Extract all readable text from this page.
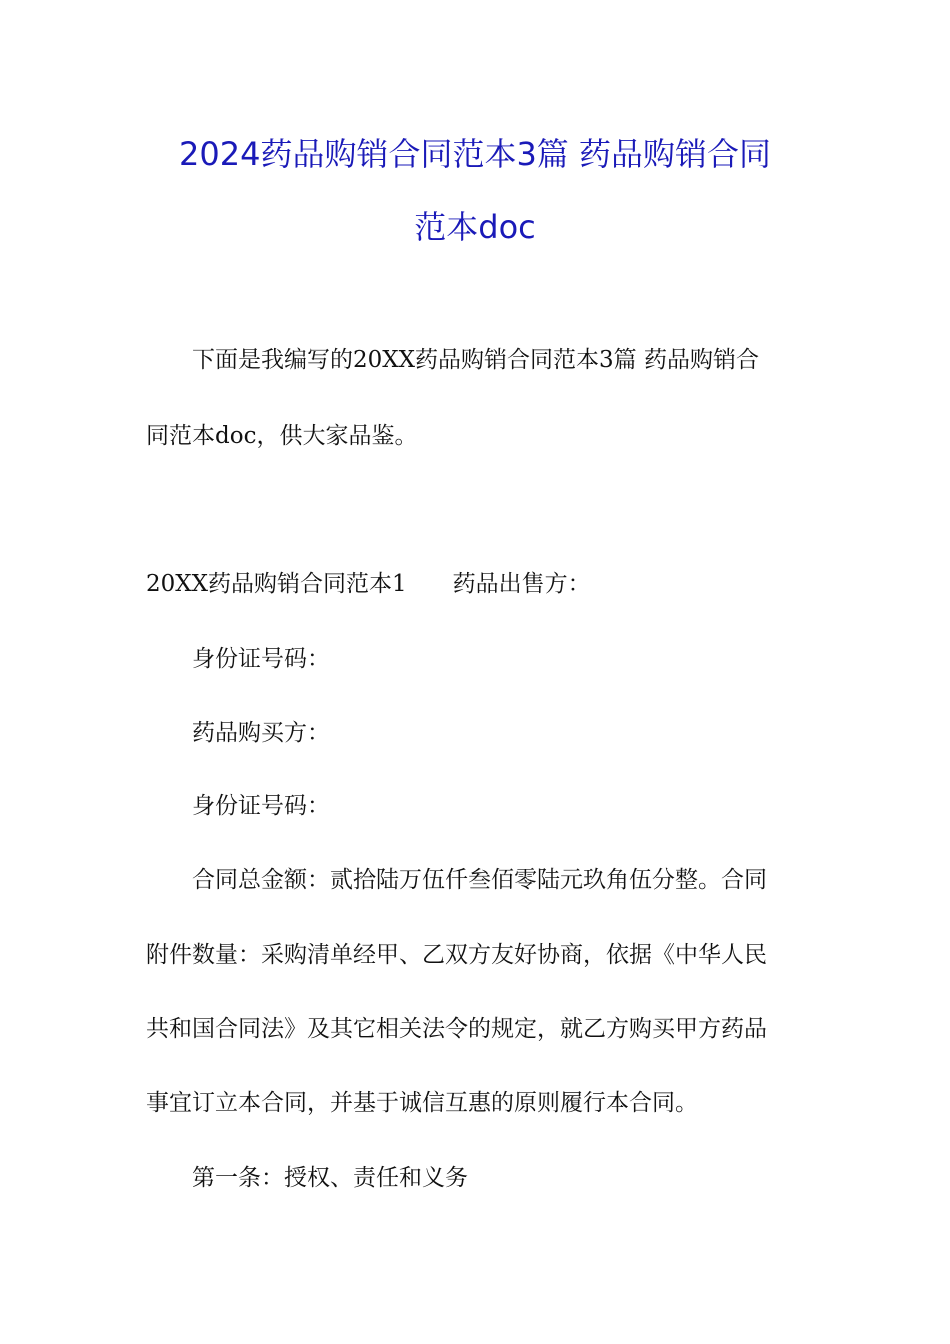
2024药品购销合同范本3篇 药品购销合同
范本doc
下面是我编写的20XX药品购销合同范本3篇 药品购销合
同范本doc，供大家品鉴。
20XX药品购销合同范本1　　药品出售方：
身份证号码：
药品购买方：
身份证号码：
合同总金额：贰拾陆万伍仟叁佰零陆元玖角伍分整。合同
附件数量：采购清单经甲、乙双方友好协商，依据《中华人民
共和国合同法》及其它相关法令的规定，就乙方购买甲方药品
事宜订立本合同，并基于诚信互惠的原则履行本合同。
第一条：授权、责任和义务
